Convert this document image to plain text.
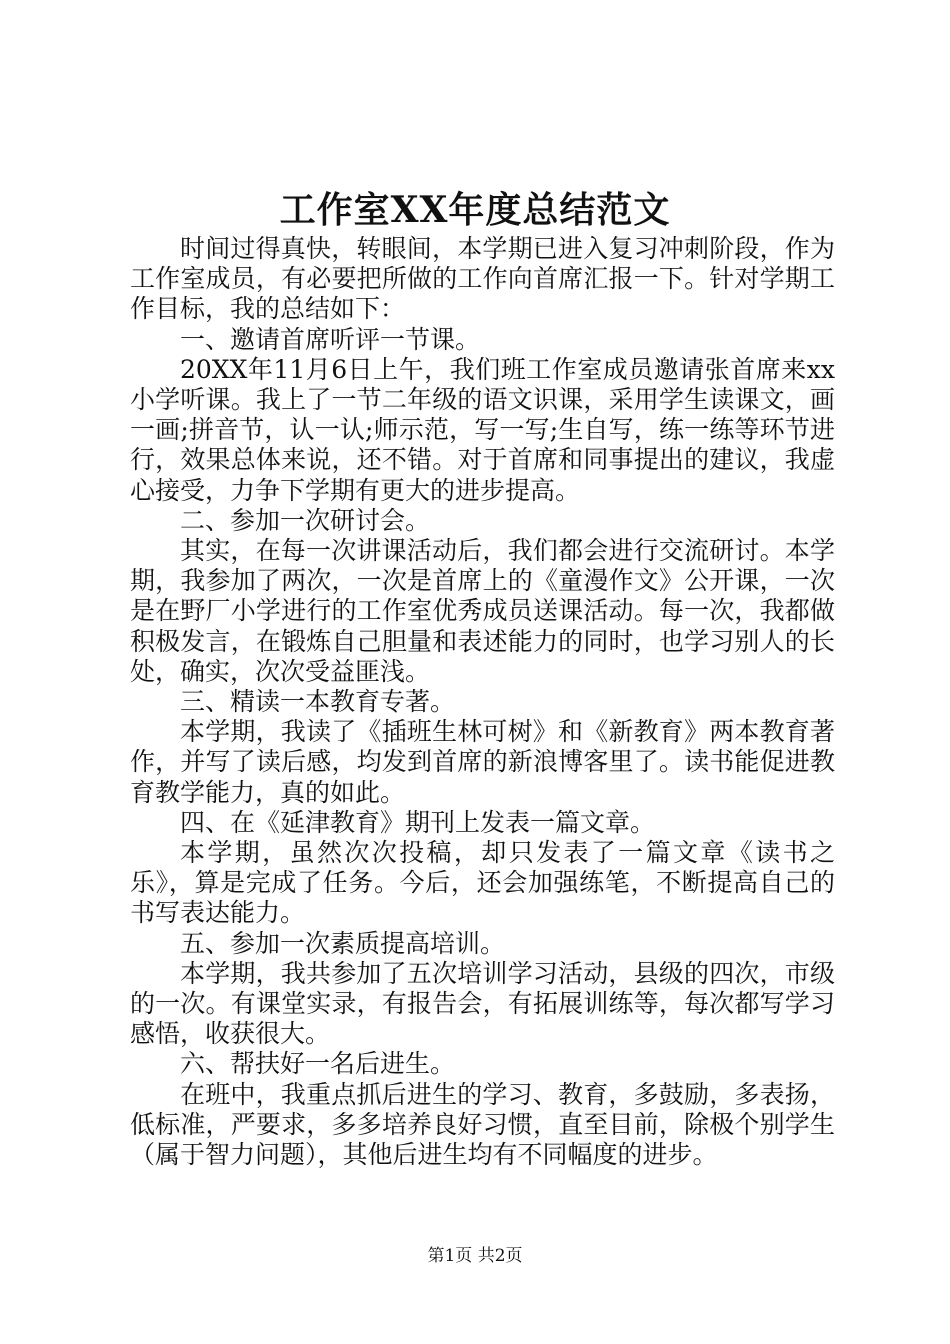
工作室XX年度总结范文

时间过得真快，转眼间，本学期已进入复习冲刺阶段，作为工作室成员，有必要把所做的工作向首席汇报一下。针对学期工作目标，我的总结如下：

一、邀请首席听评一节课。

20XX年11月6日上午，我们班工作室成员邀请张首席来xx小学听课。我上了一节二年级的语文识课，采用学生读课文，画一画;拼音节，认一认;师示范，写一写;生自写，练一练等环节进行，效果总体来说，还不错。对于首席和同事提出的建议，我虚心接受，力争下学期有更大的进步提高。

二、参加一次研讨会。

其实，在每一次讲课活动后，我们都会进行交流研讨。本学期，我参加了两次，一次是首席上的《童漫作文》公开课，一次是在野厂小学进行的工作室优秀成员送课活动。每一次，我都做积极发言，在锻炼自己胆量和表述能力的同时，也学习别人的长处，确实，次次受益匪浅。

三、精读一本教育专著。

本学期，我读了《插班生林可树》和《新教育》两本教育著作，并写了读后感，均发到首席的新浪博客里了。读书能促进教育教学能力，真的如此。

四、在《延津教育》期刊上发表一篇文章。

本学期，虽然次次投稿，却只发表了一篇文章《读书之乐》，算是完成了任务。今后，还会加强练笔，不断提高自己的书写表达能力。

五、参加一次素质提高培训。

本学期，我共参加了五次培训学习活动，县级的四次，市级的一次。有课堂实录，有报告会，有拓展训练等，每次都写学习感悟，收获很大。

六、帮扶好一名后进生。

在班中，我重点抓后进生的学习、教育，多鼓励，多表扬，低标准，严要求，多多培养良好习惯，直至目前，除极个别学生（属于智力问题），其他后进生均有不同幅度的进步。

第1页 共2页
